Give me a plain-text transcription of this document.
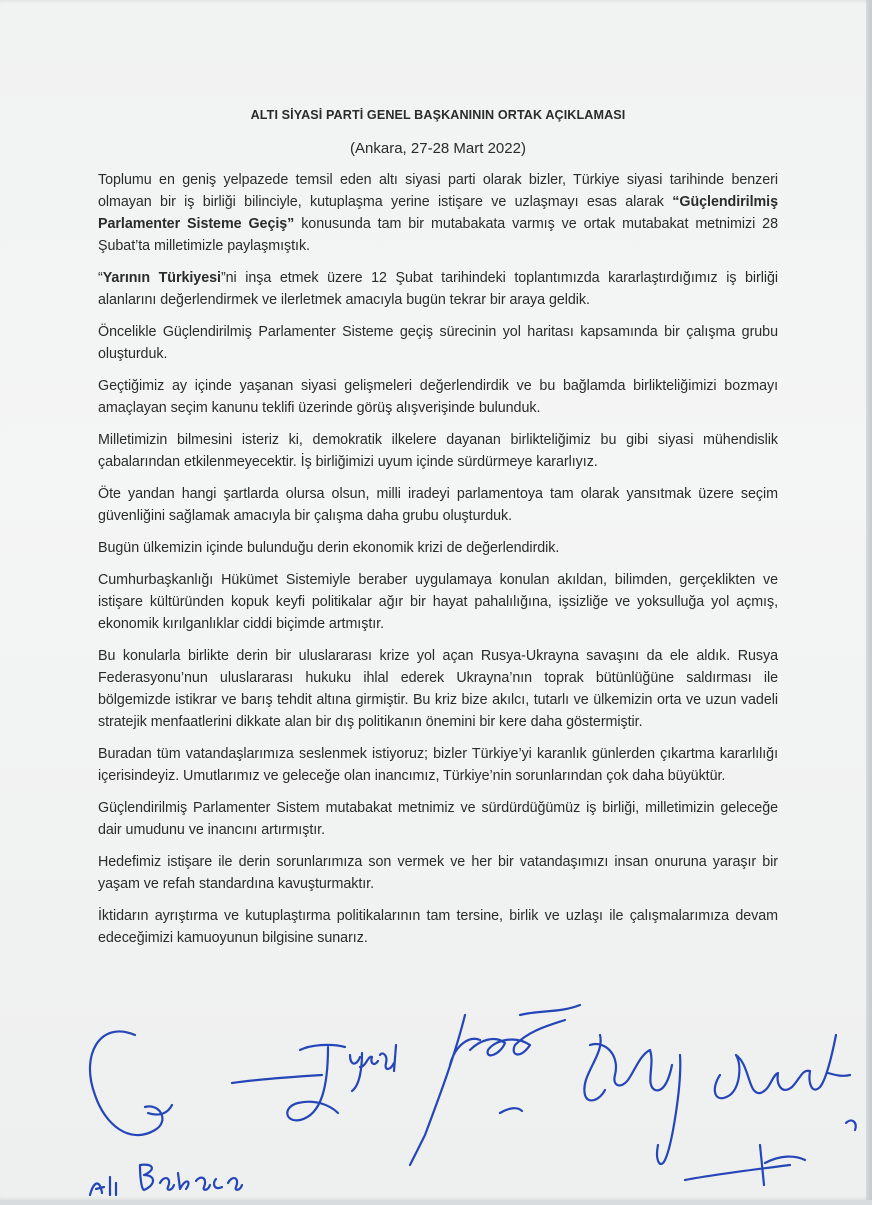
ALTI SİYASİ PARTİ GENEL BAŞKANININ ORTAK AÇIKLAMASI
(Ankara, 27-28 Mart 2022)

Toplumu en geniş yelpazede temsil eden altı siyasi parti olarak bizler, Türkiye siyasi tarihinde benzeri olmayan bir iş birliği bilinciyle, kutuplaşma yerine istişare ve uzlaşmayı esas alarak “Güçlendirilmiş Parlamenter Sisteme Geçiş” konusunda tam bir mutabakata varmış ve ortak mutabakat metnimizi 28 Şubat’ta milletimizle paylaşmıştık.

“Yarının Türkiyesi”ni inşa etmek üzere 12 Şubat tarihindeki toplantımızda kararlaştırdığımız iş birliği alanlarını değerlendirmek ve ilerletmek amacıyla bugün tekrar bir araya geldik.

Öncelikle Güçlendirilmiş Parlamenter Sisteme geçiş sürecinin yol haritası kapsamında bir çalışma grubu oluşturduk.

Geçtiğimiz ay içinde yaşanan siyasi gelişmeleri değerlendirdik ve bu bağlamda birlikteliğimizi bozmayı amaçlayan seçim kanunu teklifi üzerinde görüş alışverişinde bulunduk.

Milletimizin bilmesini isteriz ki, demokratik ilkelere dayanan birlikteliğimiz bu gibi siyasi mühendislik çabalarından etkilenmeyecektir. İş birliğimizi uyum içinde sürdürmeye kararlıyız.

Öte yandan hangi şartlarda olursa olsun, milli iradeyi parlamentoya tam olarak yansıtmak üzere seçim güvenliğini sağlamak amacıyla bir çalışma daha grubu oluşturduk.

Bugün ülkemizin içinde bulunduğu derin ekonomik krizi de değerlendirdik.

Cumhurbaşkanlığı Hükümet Sistemiyle beraber uygulamaya konulan akıldan, bilimden, gerçeklikten ve istişare kültüründen kopuk keyfi politikalar ağır bir hayat pahalılığına, işsizliğe ve yoksulluğa yol açmış, ekonomik kırılganlıklar ciddi biçimde artmıştır.

Bu konularla birlikte derin bir uluslararası krize yol açan Rusya-Ukrayna savaşını da ele aldık. Rusya Federasyonu’nun uluslararası hukuku ihlal ederek Ukrayna’nın toprak bütünlüğüne saldırması ile bölgemizde istikrar ve barış tehdit altına girmiştir. Bu kriz bize akılcı, tutarlı ve ülkemizin orta ve uzun vadeli stratejik menfaatlerini dikkate alan bir dış politikanın önemini bir kere daha göstermiştir.

Buradan tüm vatandaşlarımıza seslenmek istiyoruz; bizler Türkiye’yi karanlık günlerden çıkartma kararlılığı içerisindeyiz. Umutlarımız ve geleceğe olan inancımız, Türkiye’nin sorunlarından çok daha büyüktür.

Güçlendirilmiş Parlamenter Sistem mutabakat metnimiz ve sürdürdüğümüz iş birliği, milletimizin geleceğe dair umudunu ve inancını artırmıştır.

Hedefimiz istişare ile derin sorunlarımıza son vermek ve her bir vatandaşımızı insan onuruna yaraşır bir yaşam ve refah standardına kavuşturmaktır.

İktidarın ayrıştırma ve kutuplaştırma politikalarının tam tersine, birlik ve uzlaşı ile çalışmalarımıza devam edeceğimizi kamuoyunun bilgisine sunarız.
